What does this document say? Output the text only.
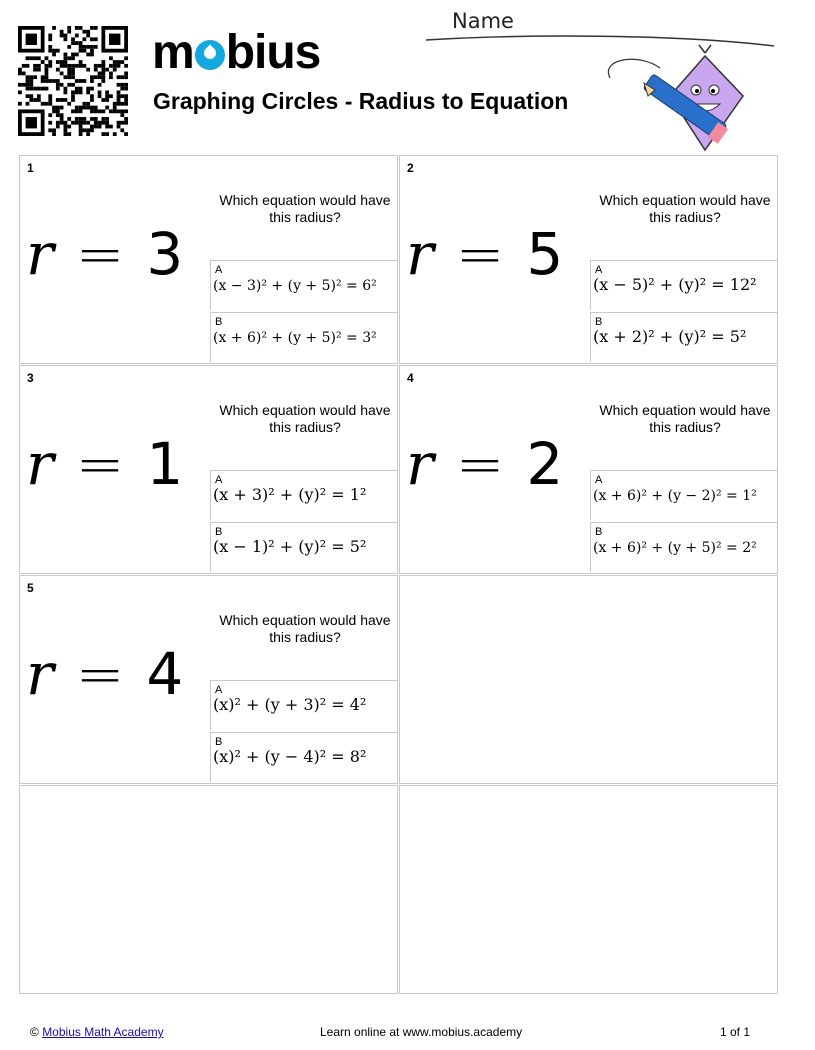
m bius
Graphing Circles - Radius to Equation
Name
1
r = 3
Which equation would have this radius?
A
(x − 3)² + (y + 5)² = 6²
B
(x + 6)² + (y + 5)² = 3²
2
r = 5
Which equation would have this radius?
A
(x − 5)² + (y)² = 12²
B
(x + 2)² + (y)² = 5²
3
r = 1
Which equation would have this radius?
A
(x + 3)² + (y)² = 1²
B
(x − 1)² + (y)² = 5²
4
r = 2
Which equation would have this radius?
A
(x + 6)² + (y − 2)² = 1²
B
(x + 6)² + (y + 5)² = 2²
5
r = 4
Which equation would have this radius?
A
(x)² + (y + 3)² = 4²
B
(x)² + (y − 4)² = 8²
© Mobius Math Academy	Learn online at www.mobius.academy	1 of 1
